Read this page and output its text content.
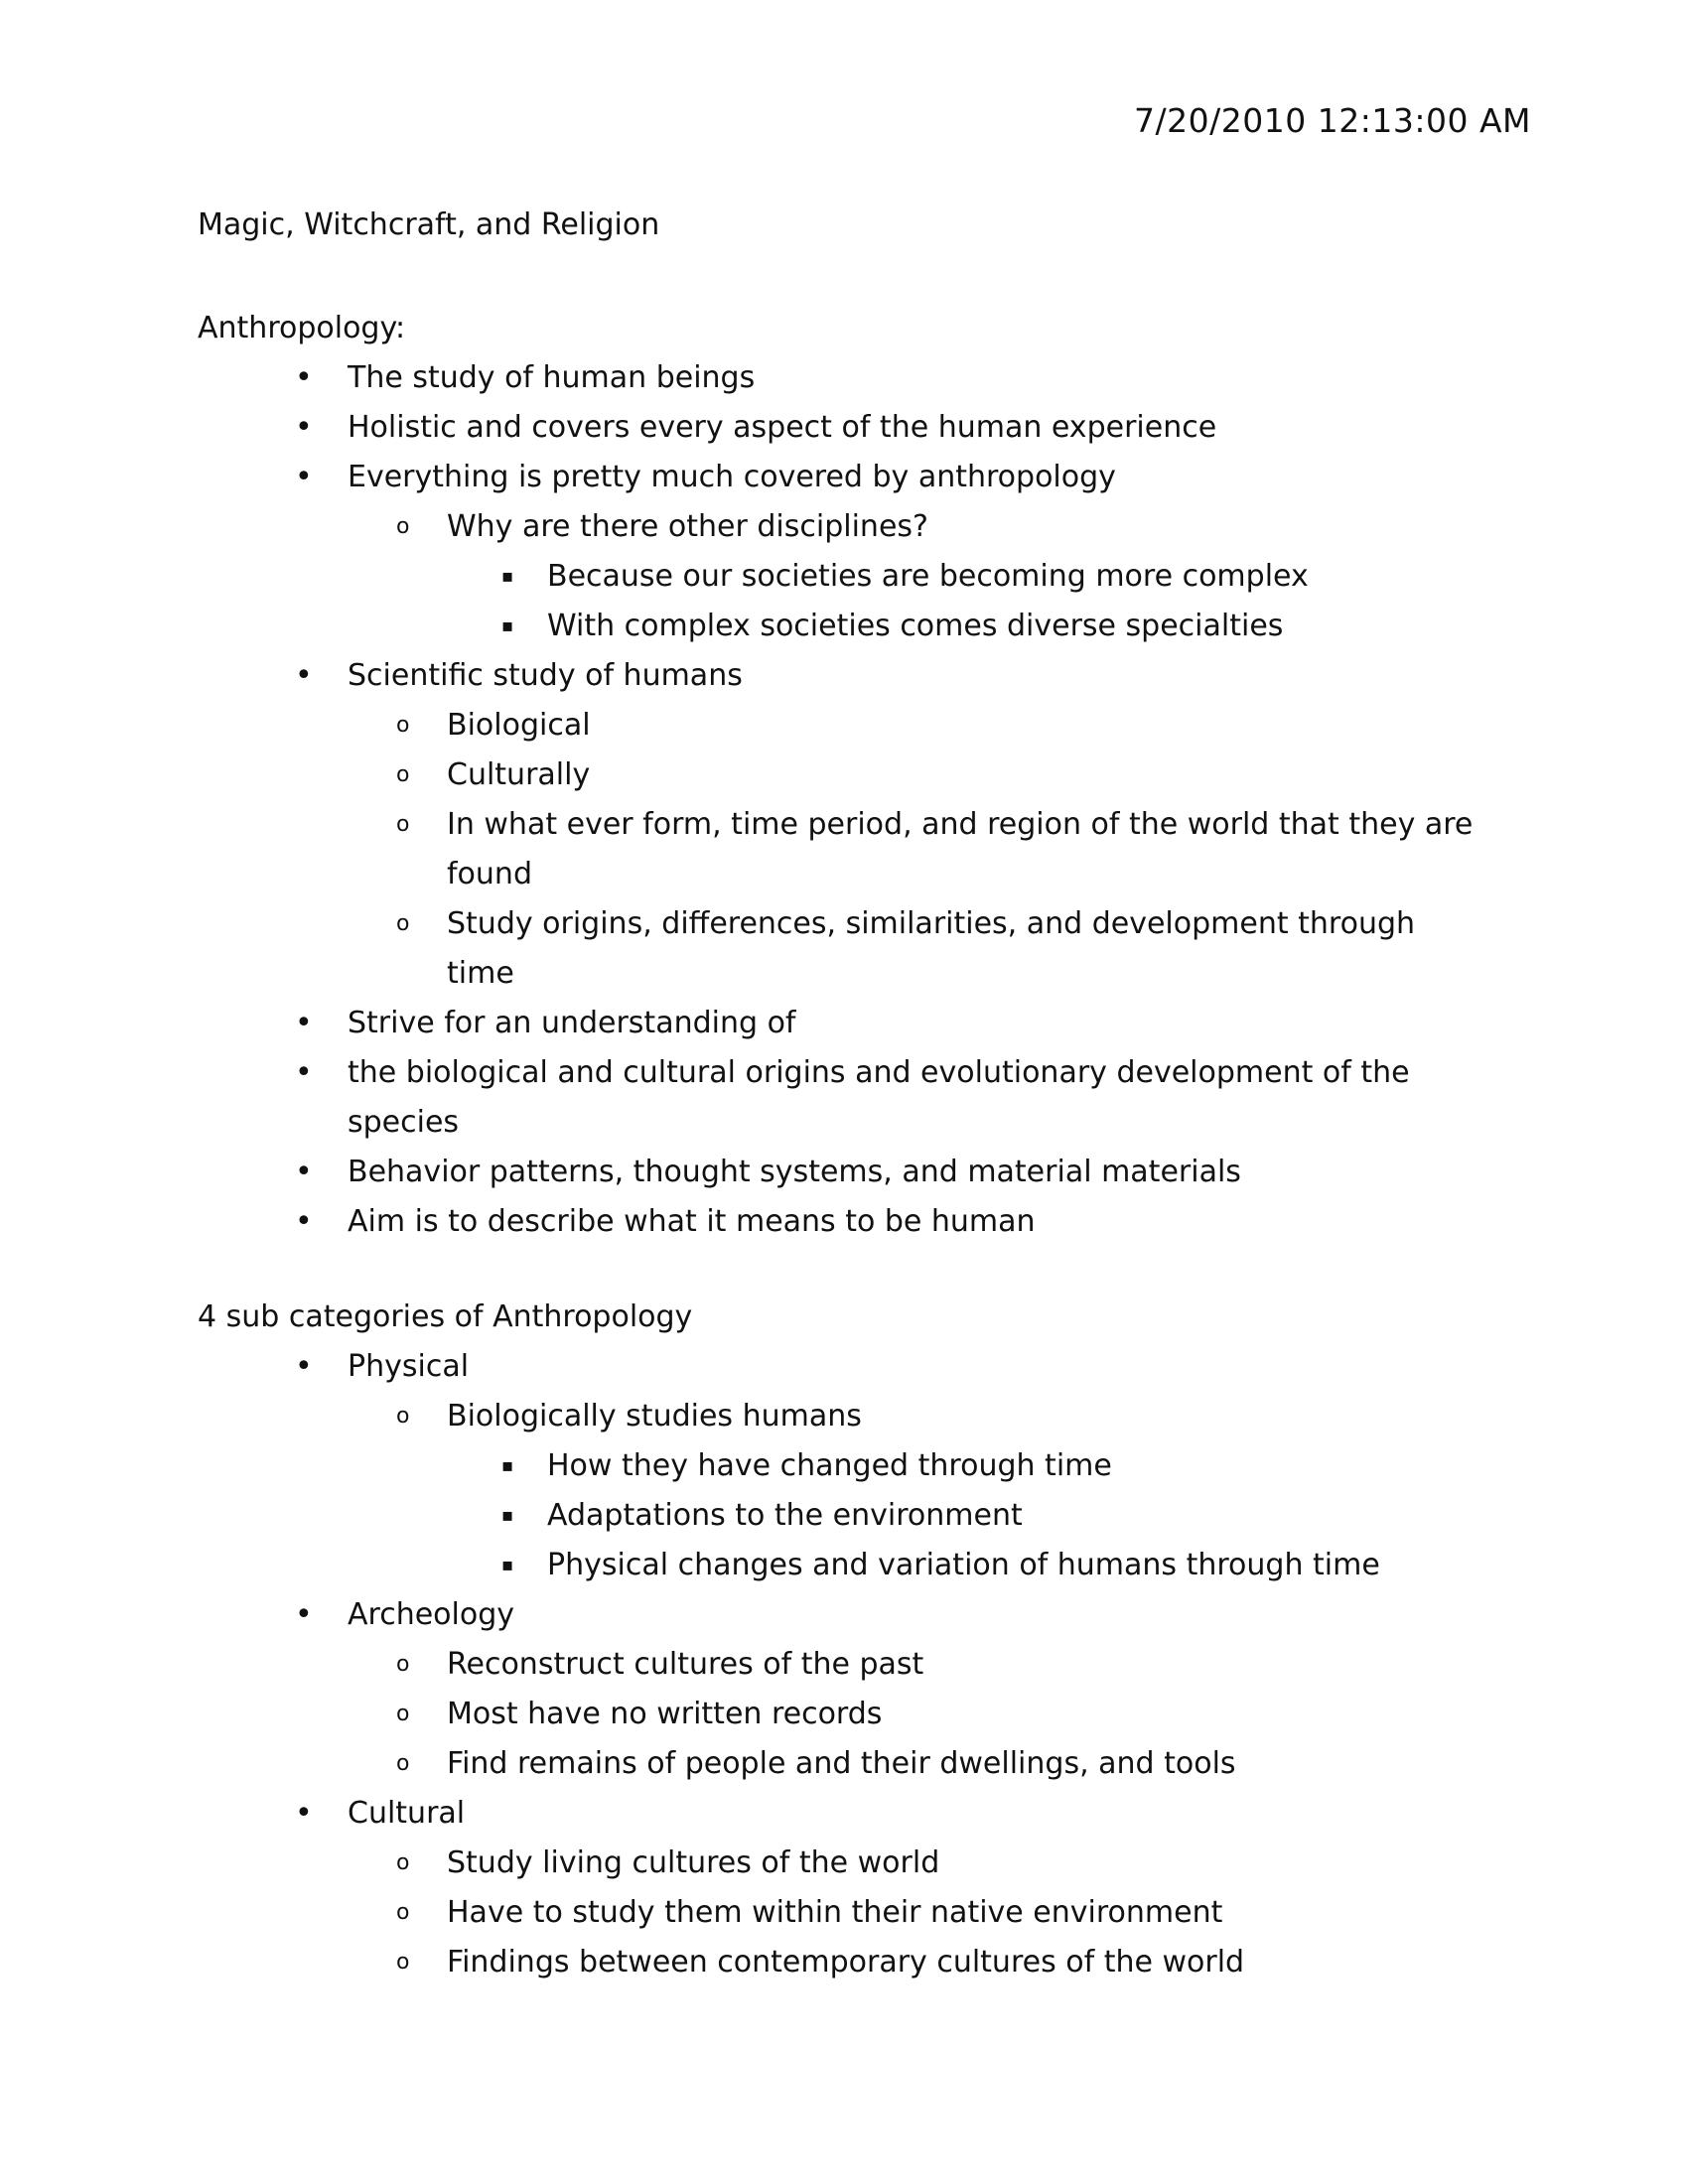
7/20/2010 12:13:00 AM
Magic, Witchcraft, and Religion
Anthropology:
• The study of human beings
• Holistic and covers every aspect of the human experience
• Everything is pretty much covered by anthropology
o Why are there other disciplines?
▪ Because our societies are becoming more complex
▪ With complex societies comes diverse specialties
• Scientific study of humans
o Biological
o Culturally
o In what ever form, time period, and region of the world that they are found
o Study origins, differences, similarities, and development through time
• Strive for an understanding of
• the biological and cultural origins and evolutionary development of the species
• Behavior patterns, thought systems, and material materials
• Aim is to describe what it means to be human
4 sub categories of Anthropology
• Physical
o Biologically studies humans
▪ How they have changed through time
▪ Adaptations to the environment
▪ Physical changes and variation of humans through time
• Archeology
o Reconstruct cultures of the past
o Most have no written records
o Find remains of people and their dwellings, and tools
• Cultural
o Study living cultures of the world
o Have to study them within their native environment
o Findings between contemporary cultures of the world
